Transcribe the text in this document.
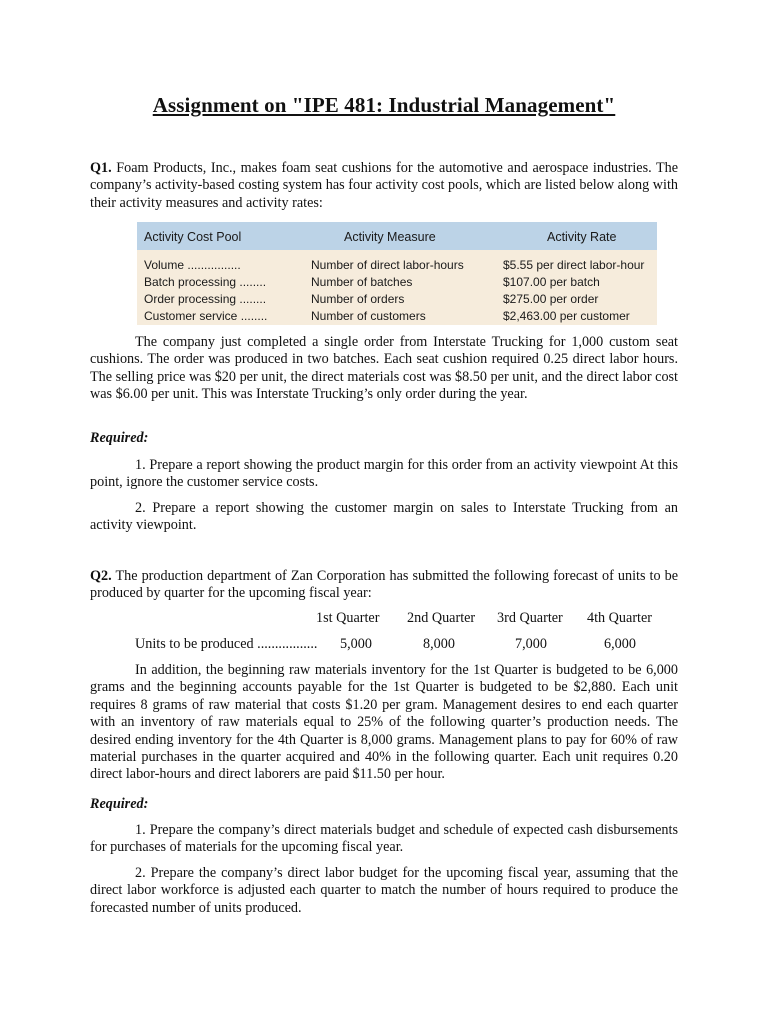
Assignment on "IPE 481: Industrial Management"

Q1. Foam Products, Inc., makes foam seat cushions for the automotive and aerospace industries. The company’s activity-based costing system has four activity cost pools, which are listed below along with their activity measures and activity rates:

Activity Cost Pool	Activity Measure	Activity Rate
Volume ................	Number of direct labor-hours	$5.55 per direct labor-hour
Batch processing ........	Number of batches	$107.00 per batch
Order processing ........	Number of orders	$275.00 per order
Customer service ........	Number of customers	$2,463.00 per customer

The company just completed a single order from Interstate Trucking for 1,000 custom seat cushions. The order was produced in two batches. Each seat cushion required 0.25 direct labor hours. The selling price was $20 per unit, the direct materials cost was $8.50 per unit, and the direct labor cost was $6.00 per unit. This was Interstate Trucking’s only order during the year.

Required:

1. Prepare a report showing the product margin for this order from an activity viewpoint At this point, ignore the customer service costs.

2. Prepare a report showing the customer margin on sales to Interstate Trucking from an activity viewpoint.

Q2. The production department of Zan Corporation has submitted the following forecast of units to be produced by quarter for the upcoming fiscal year:

1st Quarter 2nd Quarter 3rd Quarter 4th Quarter
Units to be produced ................. 5,000	8,000	7,000	6,000

In addition, the beginning raw materials inventory for the 1st Quarter is budgeted to be 6,000 grams and the beginning accounts payable for the 1st Quarter is budgeted to be $2,880. Each unit requires 8 grams of raw material that costs $1.20 per gram. Management desires to end each quarter with an inventory of raw materials equal to 25% of the following quarter’s production needs. The desired ending inventory for the 4th Quarter is 8,000 grams. Management plans to pay for 60% of raw material purchases in the quarter acquired and 40% in the following quarter. Each unit requires 0.20 direct labor-hours and direct laborers are paid $11.50 per hour.

Required:

1. Prepare the company’s direct materials budget and schedule of expected cash disbursements for purchases of materials for the upcoming fiscal year.

2. Prepare the company’s direct labor budget for the upcoming fiscal year, assuming that the direct labor workforce is adjusted each quarter to match the number of hours required to produce the forecasted number of units produced.
